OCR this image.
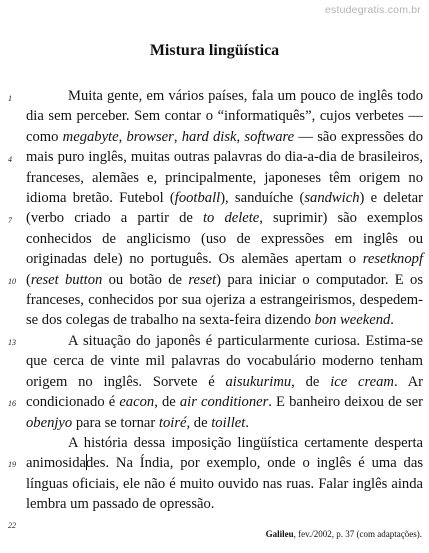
estudegratis.com.br
Mistura lingüística
1
4
7
10
13
16
19
22

Muita gente, em vários países, fala um pouco de inglês todo dia sem perceber. Sem contar o “informatiquês”, cujos verbetes — como megabyte, browser, hard disk, software — são expressões do mais puro inglês, muitas outras palavras do dia-a-dia de brasileiros, franceses, alemães e, principalmente, japoneses têm origem no idioma bretão. Futebol (football), sanduíche (sandwich) e deletar (verbo criado a partir de to delete, suprimir) são exemplos conhecidos de anglicismo (uso de expressões em inglês ou originadas dele) no português. Os alemães apertam o resetknopf (reset button ou botão de reset) para iniciar o computador. E os franceses, conhecidos por sua ojeriza a estrangeirismos, despedem-se dos colegas de trabalho na sexta-feira dizendo bon weekend.

A situação do japonês é particularmente curiosa. Estima-se que cerca de vinte mil palavras do vocabulário moderno tenham origem no inglês. Sorvete é aisukurimu, de ice cream. Ar condicionado é eacon, de air conditioner. E banheiro deixou de ser obenjyo para se tornar toiré, de toillet.

A história dessa imposição lingüística certamente desperta animosidades. Na Índia, por exemplo, onde o inglês é uma das línguas oficiais, ele não é muito ouvido nas ruas. Falar inglês ainda lembra um passado de opressão.

Galileu, fev./2002, p. 37 (com adaptações).
